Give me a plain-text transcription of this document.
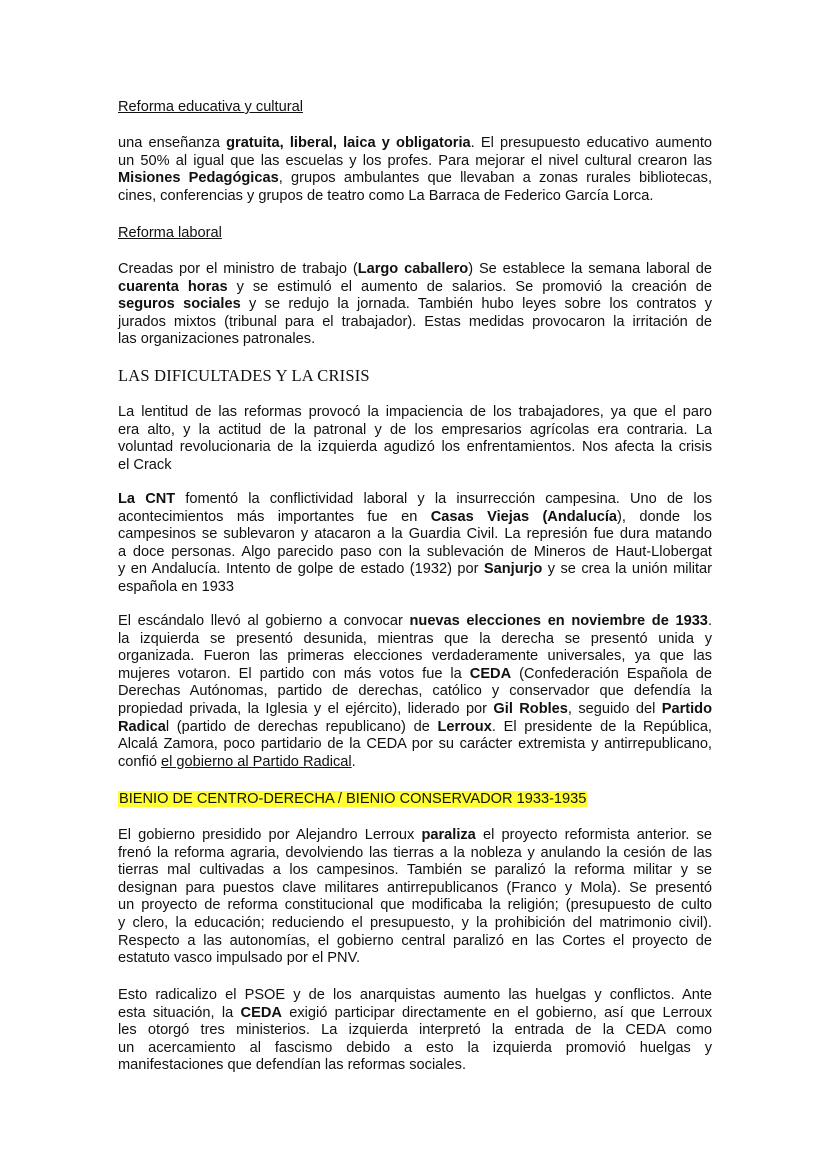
Reforma educativa y cultural
una enseñanza gratuita, liberal, laica y obligatoria. El presupuesto educativo aumento
un 50% al igual que las escuelas y los profes. Para mejorar el nivel cultural crearon las
Misiones Pedagógicas, grupos ambulantes que llevaban a zonas rurales bibliotecas,
cines, conferencias y grupos de teatro como La Barraca de Federico García Lorca.
Reforma laboral
Creadas por el ministro de trabajo (Largo caballero) Se establece la semana laboral de
cuarenta horas y se estimuló el aumento de salarios. Se promovió la creación de
seguros sociales y se redujo la jornada. También hubo leyes sobre los contratos y
jurados mixtos (tribunal para el trabajador). Estas medidas provocaron la irritación de
las organizaciones patronales.
LAS DIFICULTADES Y LA CRISIS
La lentitud de las reformas provocó la impaciencia de los trabajadores, ya que el paro
era alto, y la actitud de la patronal y de los empresarios agrícolas era contraria. La
voluntad revolucionaria de la izquierda agudizó los enfrentamientos. Nos afecta la crisis
el Crack
La CNT fomentó la conflictividad laboral y la insurrección campesina. Uno de los
acontecimientos más importantes fue en Casas Viejas (Andalucía), donde los
campesinos se sublevaron y atacaron a la Guardia Civil. La represión fue dura matando
a doce personas. Algo parecido paso con la sublevación de Mineros de Haut-Llobergat
y en Andalucía. Intento de golpe de estado (1932) por Sanjurjo y se crea la unión militar
española en 1933
El escándalo llevó al gobierno a convocar nuevas elecciones en noviembre de 1933.
la izquierda se presentó desunida, mientras que la derecha se presentó unida y
organizada. Fueron las primeras elecciones verdaderamente universales, ya que las
mujeres votaron. El partido con más votos fue la CEDA (Confederación Española de
Derechas Autónomas, partido de derechas, católico y conservador que defendía la
propiedad privada, la Iglesia y el ejército), liderado por Gil Robles, seguido del Partido
Radical (partido de derechas republicano) de Lerroux. El presidente de la República,
Alcalá Zamora, poco partidario de la CEDA por su carácter extremista y antirrepublicano,
confió el gobierno al Partido Radical.
BIENIO DE CENTRO-DERECHA / BIENIO CONSERVADOR 1933-1935
El gobierno presidido por Alejandro Lerroux paraliza el proyecto reformista anterior. se
frenó la reforma agraria, devolviendo las tierras a la nobleza y anulando la cesión de las
tierras mal cultivadas a los campesinos. También se paralizó la reforma militar y se
designan para puestos clave militares antirrepublicanos (Franco y Mola). Se presentó
un proyecto de reforma constitucional que modificaba la religión; (presupuesto de culto
y clero, la educación; reduciendo el presupuesto, y la prohibición del matrimonio civil).
Respecto a las autonomías, el gobierno central paralizó en las Cortes el proyecto de
estatuto vasco impulsado por el PNV.
Esto radicalizo el PSOE y de los anarquistas aumento las huelgas y conflictos. Ante
esta situación, la CEDA exigió participar directamente en el gobierno, así que Lerroux
les otorgó tres ministerios. La izquierda interpretó la entrada de la CEDA como
un acercamiento al fascismo debido a esto la izquierda promovió huelgas y
manifestaciones que defendían las reformas sociales.
